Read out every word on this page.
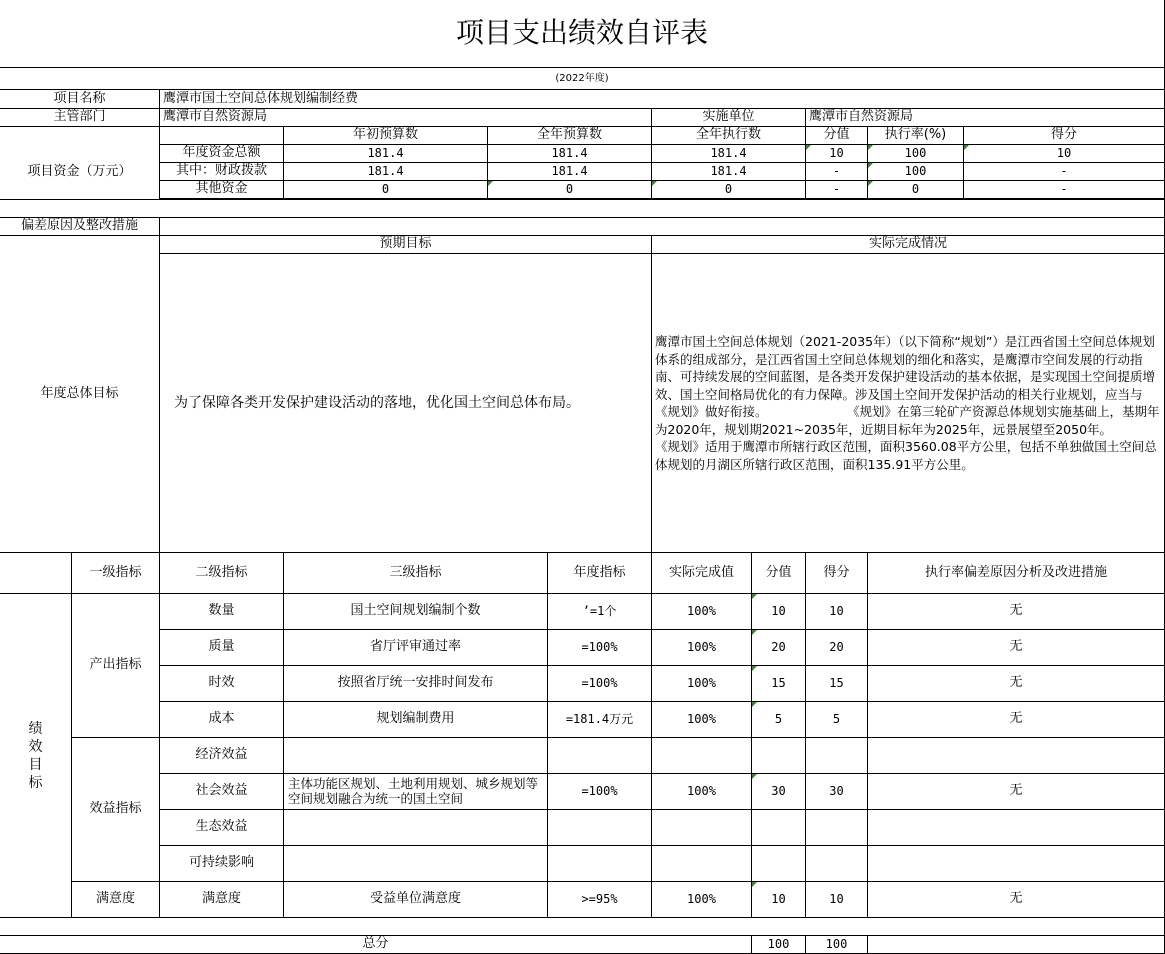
项目支出绩效自评表
(2022年度)
项目名称	鹰潭市国土空间总体规划编制经费
主管部门	鹰潭市自然资源局	实施单位	鹰潭市自然资源局
项目资金（万元）
年初预算数	全年预算数	全年执行数	分值	执行率(%)	得分
年度资金总额	181.4	181.4	181.4	10	100	10
其中：财政拨款	181.4	181.4	181.4	-	100	-
其他资金	0	0	0	-	0	-
偏差原因及整改措施
年度总体目标
预期目标	实际完成情况
为了保障各类开发保护建设活动的落地，优化国土空间总体布局。
鹰潭市国土空间总体规划（2021-2035年）（以下简称“规划”）是江西省国土空间总体规划体系的组成部分，是江西省国土空间总体规划的细化和落实，是鹰潭市空间发展的行动指南、可持续发展的空间蓝图，是各类开发保护建设活动的基本依据，是实现国土空间提质增效、国土空间格局优化的有力保障。涉及国土空间开发保护活动的相关行业规划，应当与《规划》做好衔接。                    《规划》在第三轮矿产资源总体规划实施基础上，基期年为2020年，规划期2021~2035年，近期目标年为2025年，远景展望至2050年。
《规划》适用于鹰潭市所辖行政区范围，面积3560.08平方公里，包括不单独做国土空间总体规划的月湖区所辖行政区范围，面积135.91平方公里。
一级指标	二级指标	三级指标	年度指标	实际完成值	分值	得分	执行率偏差原因分析及改进措施
绩
效
目
标
产出指标
效益指标
满意度
数量	国土空间规划编制个数	’=1个	100%	10	10	无
质量	省厅评审通过率	=100%	100%	20	20	无
时效	按照省厅统一安排时间发布	=100%	100%	15	15	无
成本	规划编制费用	=181.4万元	100%	5	5	无
经济效益
社会效益	主体功能区规划、土地利用规划、城乡规划等空间规划融合为统一的国土空间	=100%	100%	30	30	无
生态效益
可持续影响
满意度	受益单位满意度	>=95%	100%	10	10	无
总分	100	100
